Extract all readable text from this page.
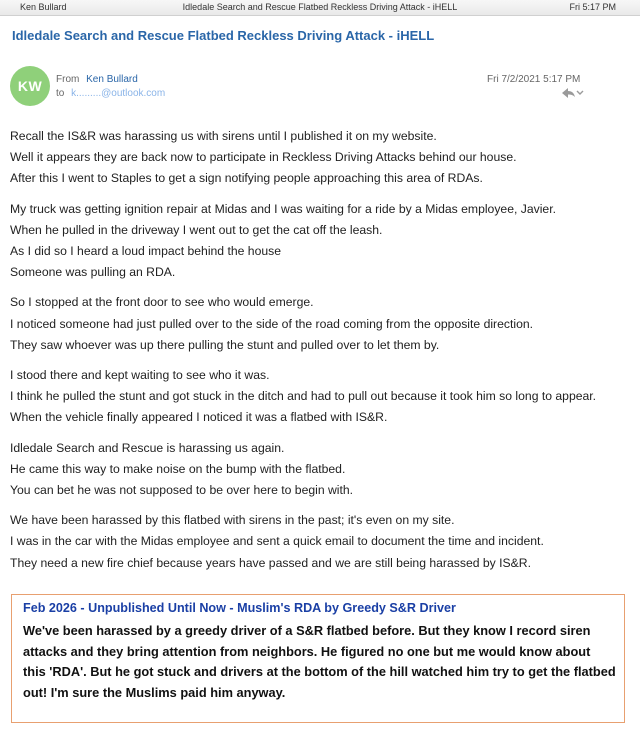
Ken Bullard	Idledale Search and Rescue Flatbed Reckless Driving Attack - iHELL	Fri 5:17 PM
Idledale Search and Rescue Flatbed Reckless Driving Attack - iHELL
KW	From Ken Bullard
to k.........@outlook.com
Fri 7/2/2021 5:17 PM
Recall the IS&R was harassing us with sirens until I published it on my website.
Well it appears they are back now to participate in Reckless Driving Attacks behind our house.
After this I went to Staples to get a sign notifying people approaching this area of RDAs.
My truck was getting ignition repair at Midas and I was waiting for a ride by a Midas employee, Javier.
When he pulled in the driveway I went out to get the cat off the leash.
As I did so I heard a loud impact behind the house
Someone was pulling an RDA.
So I stopped at the front door to see who would emerge.
I noticed someone had just pulled over to the side of the road coming from the opposite direction.
They saw whoever was up there pulling the stunt and pulled over to let them by.
I stood there and kept waiting to see who it was.
I think he pulled the stunt and got stuck in the ditch and had to pull out because it took him so long to appear.
When the vehicle finally appeared I noticed it was a flatbed with IS&R.
Idledale Search and Rescue is harassing us again.
He came this way to make noise on the bump with the flatbed.
You can bet he was not supposed to be over here to begin with.
We have been harassed by this flatbed with sirens in the past; it's even on my site.
I was in the car with the Midas employee and sent a quick email to document the time and incident.
They need a new fire chief because years have passed and we are still being harassed by IS&R.
Feb 2026 - Unpublished Until Now - Muslim's RDA by Greedy S&R Driver
We've been harassed by a greedy driver of a S&R flatbed before. But they know I record siren attacks and they bring attention from neighbors. He figured no one but me would know about this 'RDA'. But he got stuck and drivers at the bottom of the hill watched him try to get the flatbed out! I'm sure the Muslims paid him anyway.
